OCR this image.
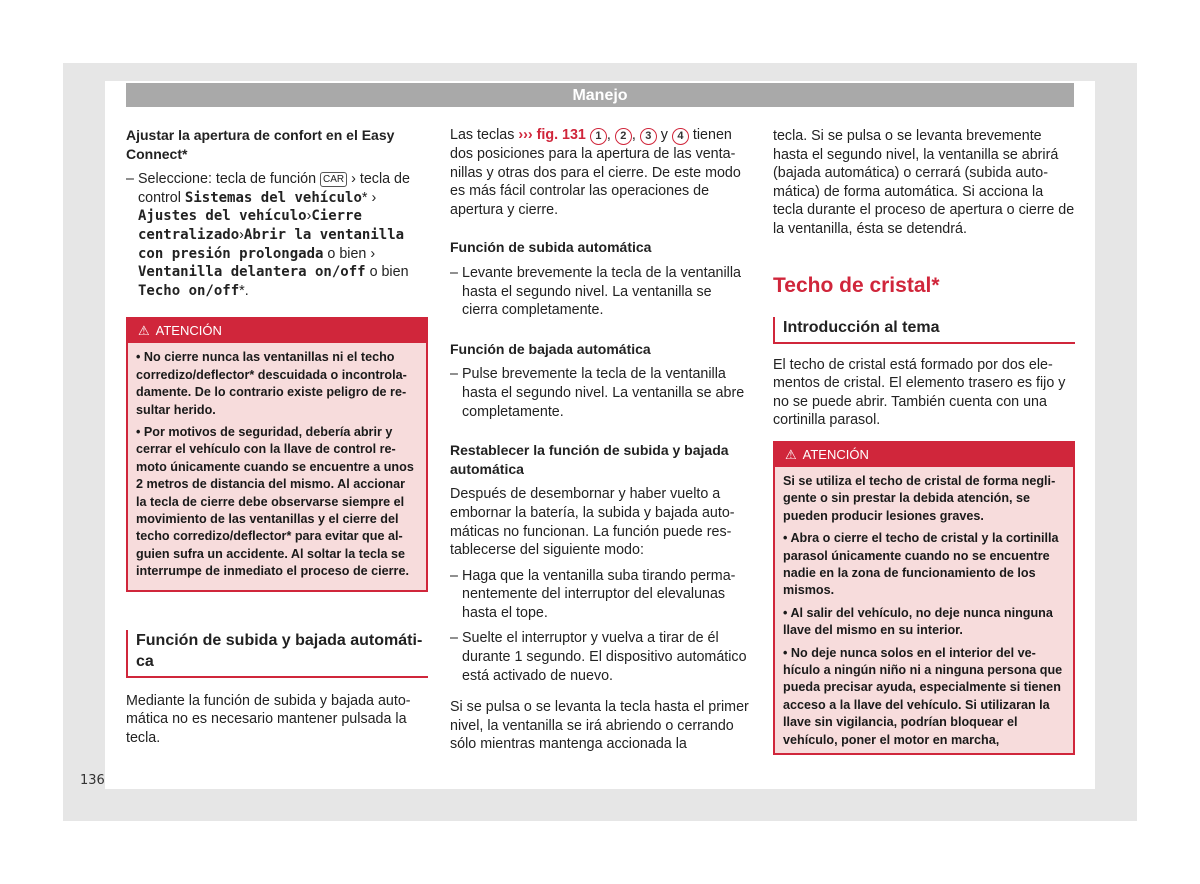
Manejo

Ajustar la apertura de confort en el Easy Connect*

– Seleccione: tecla de función CAR › tecla de control Sistemas del vehículo* › Ajustes del vehículo›Cierre centralizado›Abrir la ventanilla con presión prolongada o bien › Ventanilla delantera on/off o bien Techo on/off*.
⚠ ATENCIÓN

• No cierre nunca las ventanillas ni el techo corredizo/deflector* descuidada o incontroladamente. De lo contrario existe peligro de resultar herido.

• Por motivos de seguridad, debería abrir y cerrar el vehículo con la llave de control remoto únicamente cuando se encuentre a unos 2 metros de distancia del mismo. Al accionar la tecla de cierre debe observarse siempre el movimiento de las ventanillas y el cierre del techo corredizo/deflector* para evitar que alguien sufra un accidente. Al soltar la tecla se interrumpe de inmediato el proceso de cierre.

Función de subida y bajada automática

Mediante la función de subida y bajada automática no es necesario mantener pulsada la tecla.

Las teclas ››› fig. 131 1 , 2 , 3 y 4 tienen dos posiciones para la apertura de las ventanillas y otras dos para el cierre. De este modo es más fácil controlar las operaciones de apertura y cierre.

Función de subida automática

– Levante brevemente la tecla de la ventanilla hasta el segundo nivel. La ventanilla se cierra completamente.

Función de bajada automática

– Pulse brevemente la tecla de la ventanilla hasta el segundo nivel. La ventanilla se abre completamente.

Restablecer la función de subida y bajada automática

Después de desembornar y haber vuelto a embornar la batería, la subida y bajada automáticas no funcionan. La función puede restablecerse del siguiente modo:

– Haga que la ventanilla suba tirando permanentemente del interruptor del elevalunas hasta el tope.

– Suelte el interruptor y vuelva a tirar de él durante 1 segundo. El dispositivo automático está activado de nuevo.

Si se pulsa o se levanta la tecla hasta el primer nivel, la ventanilla se irá abriendo o cerrando sólo mientras mantenga accionada la

tecla. Si se pulsa o se levanta brevemente hasta el segundo nivel, la ventanilla se abrirá (bajada automática) o cerrará (subida automática) de forma automática. Si acciona la tecla durante el proceso de apertura o cierre de la ventanilla, ésta se detendrá.

Techo de cristal*
Introducción al tema

El techo de cristal está formado por dos elementos de cristal. El elemento trasero es fijo y no se puede abrir. También cuenta con una cortinilla parasol.

⚠ ATENCIÓN

Si se utiliza el techo de cristal de forma negligente o sin prestar la debida atención, se pueden producir lesiones graves.

• Abra o cierre el techo de cristal y la cortinilla parasol únicamente cuando no se encuentre nadie en la zona de funcionamiento de los mismos.

• Al salir del vehículo, no deje nunca ninguna llave del mismo en su interior.

• No deje nunca solos en el interior del vehículo a ningún niño ni a ninguna persona que pueda precisar ayuda, especialmente si tienen acceso a la llave del vehículo. Si utilizaran la llave sin vigilancia, podrían bloquear el vehículo, poner el motor en marcha,

136
